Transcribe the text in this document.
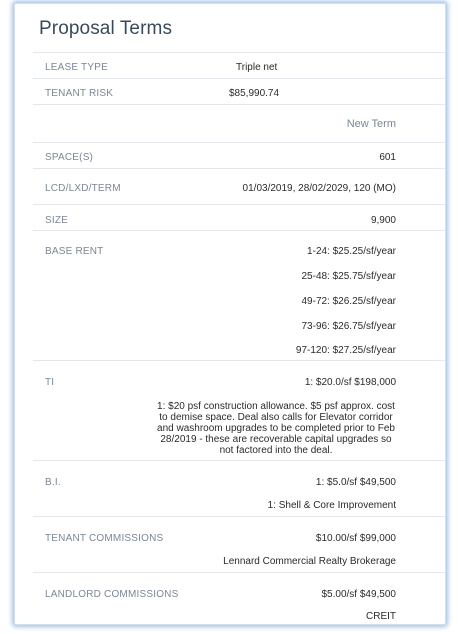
Proposal Terms
LEASE TYPE	Triple net
TENANT RISK	$85,990.74
New Term
SPACE(S)	601
LCD/LXD/TERM	01/03/2019, 28/02/2029, 120 (MO)
SIZE	9,900
BASE RENT	1-24: $25.25/sf/year
25-48: $25.75/sf/year
49-72: $26.25/sf/year
73-96: $26.75/sf/year
97-120: $27.25/sf/year
TI	1: $20.0/sf $198,000
1: $20 psf construction allowance. $5 psf approx. cost to demise space. Deal also calls for Elevator corridor and washroom upgrades to be completed prior to Feb 28/2019 - these are recoverable capital upgrades so not factored into the deal.
B.I.	1: $5.0/sf $49,500
1: Shell & Core Improvement
TENANT COMMISSIONS	$10.00/sf $99,000
Lennard Commercial Realty Brokerage
LANDLORD COMMISSIONS	$5.00/sf $49,500
CREIT
